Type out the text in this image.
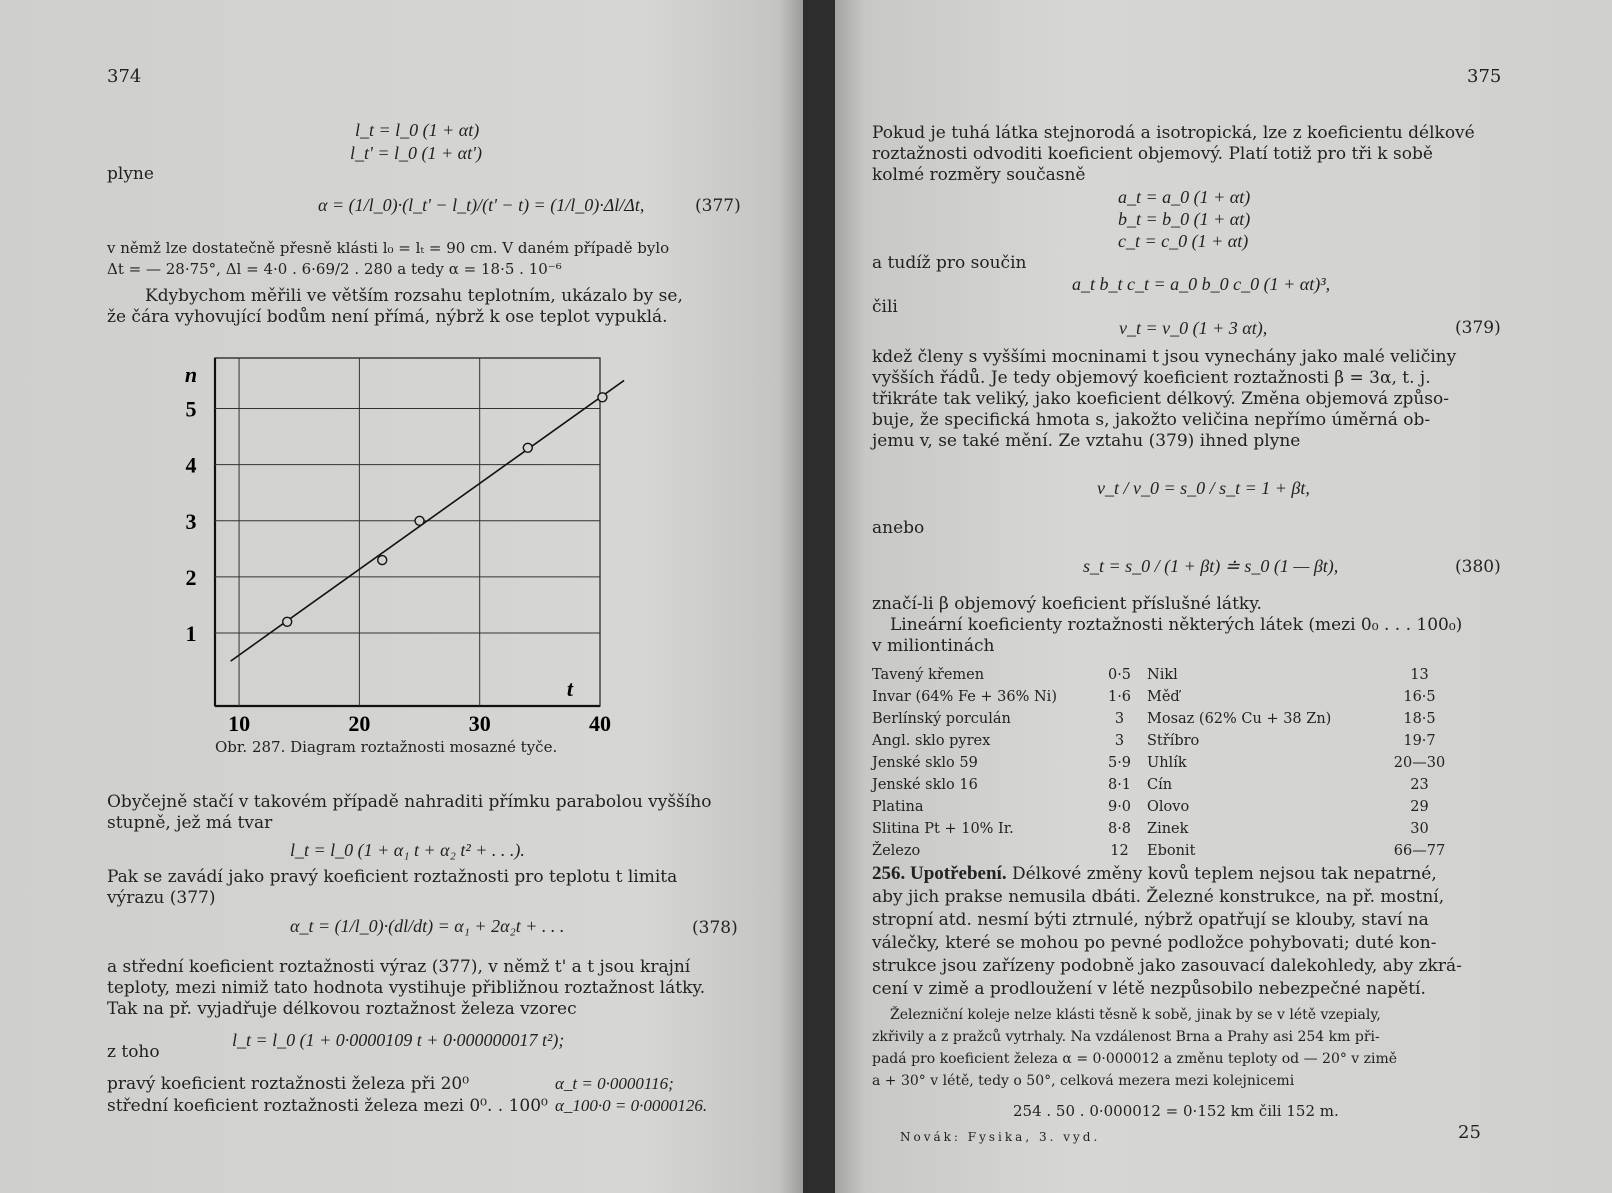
374
l_t = l_0 (1 + αt)
l_t' = l_0 (1 + αt')
plyne
α = (1/l_0)·(l_t' − l_t)/(t' − t) = (1/l_0)·Δl/Δt,	(377)
v němž lze dostatečně přesně klásti l₀ = lₜ = 90 cm. V daném případě bylo
Δt = — 28·75°, Δl = 4·0 . 6·69/2 . 280 a tedy α = 18·5 . 10⁻⁶
Kdybychom měřili ve větším rozsahu teplotním, ukázalo by se,
že čára vyhovující bodům není přímá, nýbrž k ose teplot vypuklá.
10	20	30	40
1
2
3
4
5
n
t
Obr. 287. Diagram roztažnosti mosazné tyče.
Obyčejně stačí v takovém případě nahraditi přímku parabolou vyššího
stupně, jež má tvar
l_t = l_0 (1 + α₁ t + α₂ t² + . . .).
Pak se zavádí jako pravý koeficient roztažnosti pro teplotu t limita
výrazu (377)
α_t = (1/l_0)·(dl/dt) = α₁ + 2α₂t + . . .	(378)
a střední koeficient roztažnosti výraz (377), v němž t' a t jsou krajní
teploty, mezi nimiž tato hodnota vystihuje přibližnou roztažnost látky.
Tak na př. vyjadřuje délkovou roztažnost železa vzorec
l_t = l_0 (1 + 0·0000109 t + 0·000000017 t²);
z toho
pravý koeficient roztažnosti železa při 20⁰	α_t = 0·0000116;
střední koeficient roztažnosti železa mezi 0⁰. . 100⁰ α_100·0 = 0·0000126.
375
Pokud je tuhá látka stejnorodá a isotropická, lze z koeficientu délkové
roztažnosti odvoditi koeficient objemový. Platí totiž pro tři k sobě
kolmé rozměry současně
a_t = a_0 (1 + αt)
b_t = b_0 (1 + αt)
c_t = c_0 (1 + αt)
a tudíž pro součin
a_t b_t c_t = a_0 b_0 c_0 (1 + αt)³,
čili
v_t = v_0 (1 + 3 αt),	(379)
kdež členy s vyššími mocninami t jsou vynechány jako malé veličiny
vyšších řádů. Je tedy objemový koeficient roztažnosti β = 3α, t. j.
třikráte tak veliký, jako koeficient délkový. Změna objemová způso-
buje, že specifická hmota s, jakožto veličina nepřímo úměrná ob-
jemu v, se také mění. Ze vztahu (379) ihned plyne
v_t / v_0 = s_0 / s_t = 1 + βt,
anebo
s_t = s_0 / (1 + βt) ≐ s_0 (1 — βt),	(380)
značí-li β objemový koeficient příslušné látky.
Lineární koeficienty roztažnosti některých látek (mezi 0₀ . . . 100₀)
v miliontinách
Tavený křemen	0·5	Nikl	13
Invar (64% Fe + 36% Ni)	1·6	Měď	16·5
Berlínský porculán	3	Mosaz (62% Cu + 38 Zn)	18·5
Angl. sklo pyrex	3	Stříbro	19·7
Jenské sklo 59	5·9	Uhlík	20—30
Jenské sklo 16	8·1	Cín	23
Platina	9·0	Olovo	29
Slitina Pt + 10% Ir.	8·8	Zinek	30
Železo	12	Ebonit	66—77
256. Upotřebení. Délkové změny kovů teplem nejsou tak nepatrné,
aby jich prakse nemusila dbáti. Železné konstrukce, na př. mostní,
stropní atd. nesmí býti ztrnulé, nýbrž opatřují se klouby, staví na
válečky, které se mohou po pevné podložce pohybovati; duté kon-
strukce jsou zařízeny podobně jako zasouvací dalekohledy, aby zkrá-
cení v zimě a prodloužení v létě nezpůsobilo nebezpečné napětí.
Železniční koleje nelze klásti těsně k sobě, jinak by se v létě vzepialy,
zkřivily a z pražců vytrhaly. Na vzdálenost Brna a Prahy asi 254 km při-
padá pro koeficient železa α = 0·000012 a změnu teploty od — 20° v zimě
a + 30° v létě, tedy o 50°, celková mezera mezi kolejnicemi
254 . 50 . 0·000012 = 0·152 km čili 152 m.
Novák: Fysika, 3. vyd.	25
